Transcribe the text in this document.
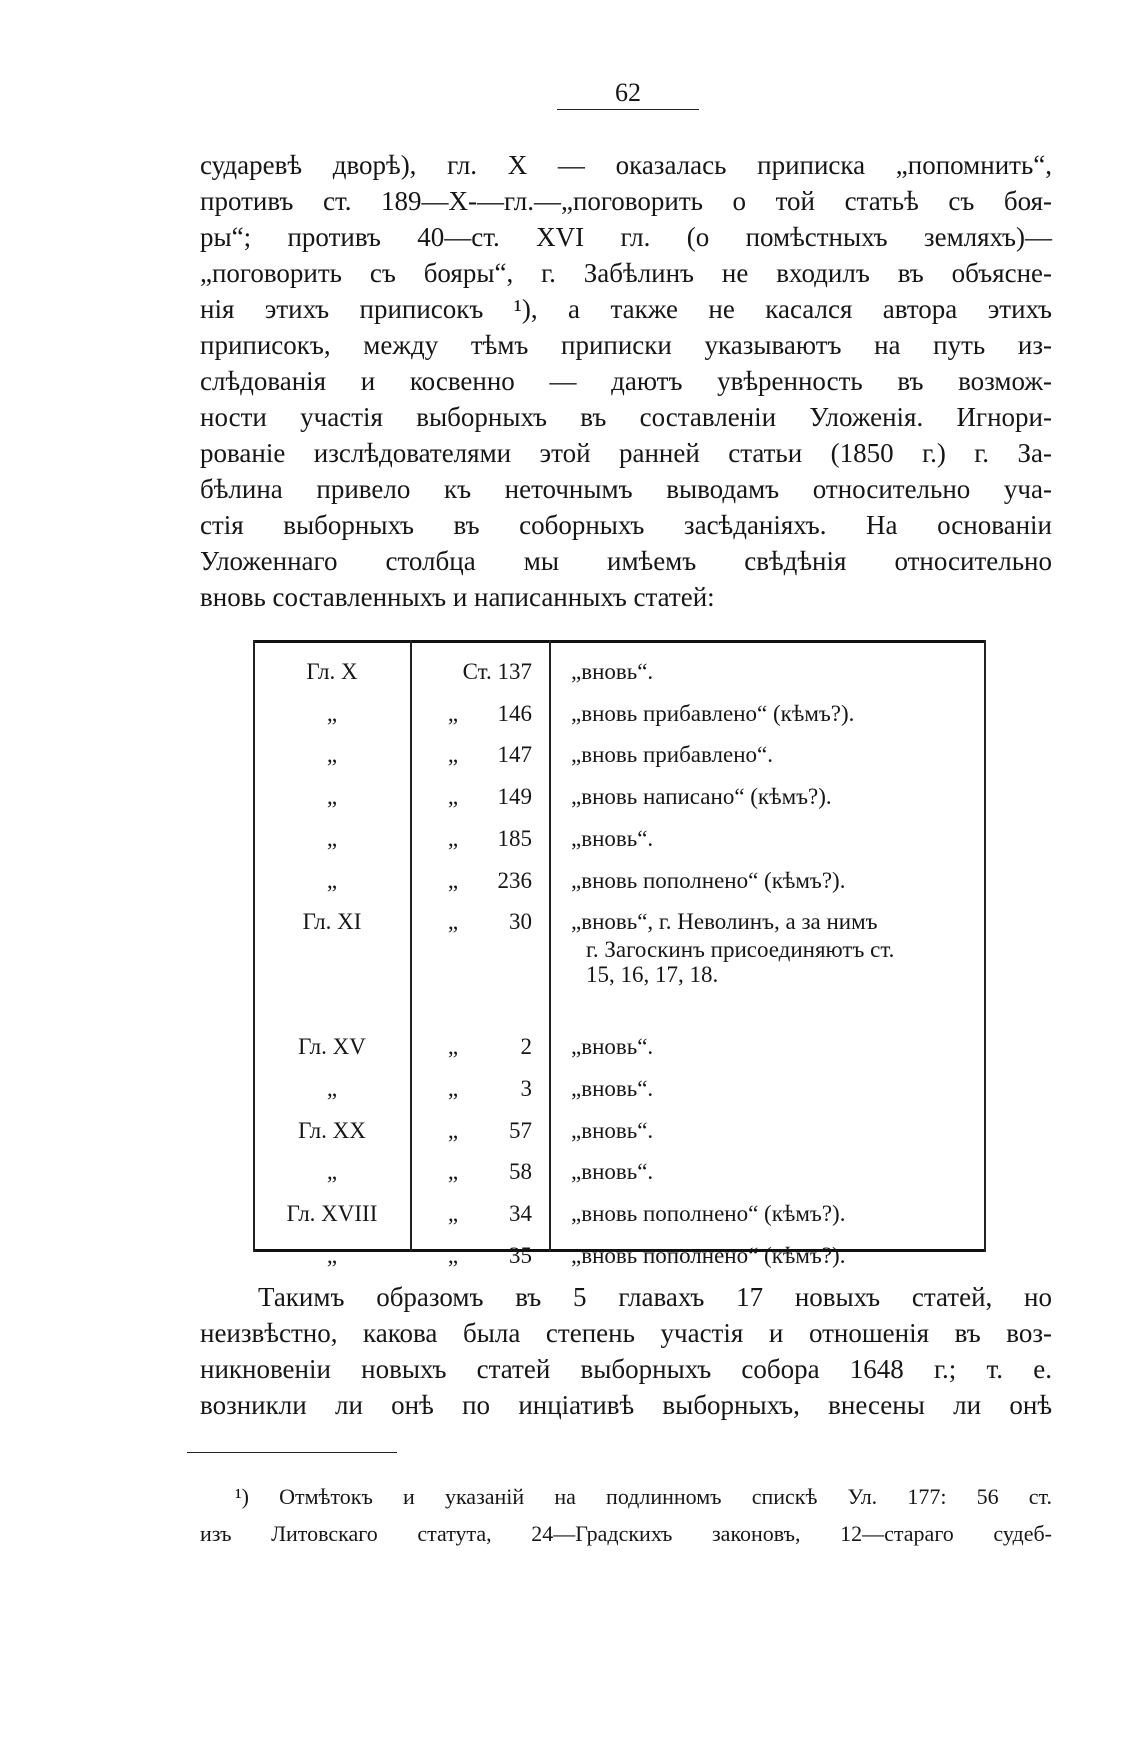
62
сударевѣ дворѣ), гл. X — оказалась приписка „попомнить“,
противъ ст. 189—X-—гл.—„поговорить о той статьѣ съ боя-
ры“; противъ 40—ст. XVI гл. (о помѣстныхъ земляхъ)—
„поговорить съ бояры“, г. Забѣлинъ не входилъ въ объясне-
нія этихъ приписокъ ¹), а также не касался автора этихъ
приписокъ, между тѣмъ приписки указываютъ на путь из-
слѣдованія и косвенно — даютъ увѣренность въ возмож-
ности участія выборныхъ въ составленіи Уложенія. Игнори-
рованіе изслѣдователями этой ранней статьи (1850 г.) г. За-
бѣлина привело къ неточнымъ выводамъ относительно уча-
стія выборныхъ въ соборныхъ засѣданіяхъ. На основаніи
Уложеннаго столбца мы имѣемъ свѣдѣнія относительно
вновь составленныхъ и написанныхъ статей:
Гл. X	Ст. 137 „вновь“.
„	„	146 „вновь прибавлено“ (кѣмъ?).
„	„	147 „вновь прибавлено“.
„	„	149 „вновь написано“ (кѣмъ?).
„	„	185 „вновь“.
„	„	236 „вновь пополнено“ (кѣмъ?).
Гл. XI	„	30 „вновь“, г. Неволинъ, а за нимъ
г. Загоскинъ присоединяютъ ст.
15, 16, 17, 18.
Гл. XV	„	2 „вновь“.
„	„	3 „вновь“.
Гл. XX	„	57 „вновь“.
„	„	58 „вновь“.
Гл. XVIII	„	34 „вновь пополнено“ (кѣмъ?).
„	„	35 „вновь пополнено“ (кѣмъ?).
Такимъ образомъ въ 5 главахъ 17 новыхъ статей, но
неизвѣстно, какова была степень участія и отношенія въ воз-
никновеніи новыхъ статей выборныхъ собора 1648 г.; т. е.
возникли ли онѣ по инціативѣ выборныхъ, внесены ли онѣ
¹) Отмѣтокъ и указаній на подлинномъ спискѣ Ул. 177: 56 ст.
изъ Литовскаго статута, 24—Градскихъ законовъ, 12—стараго судеб-
